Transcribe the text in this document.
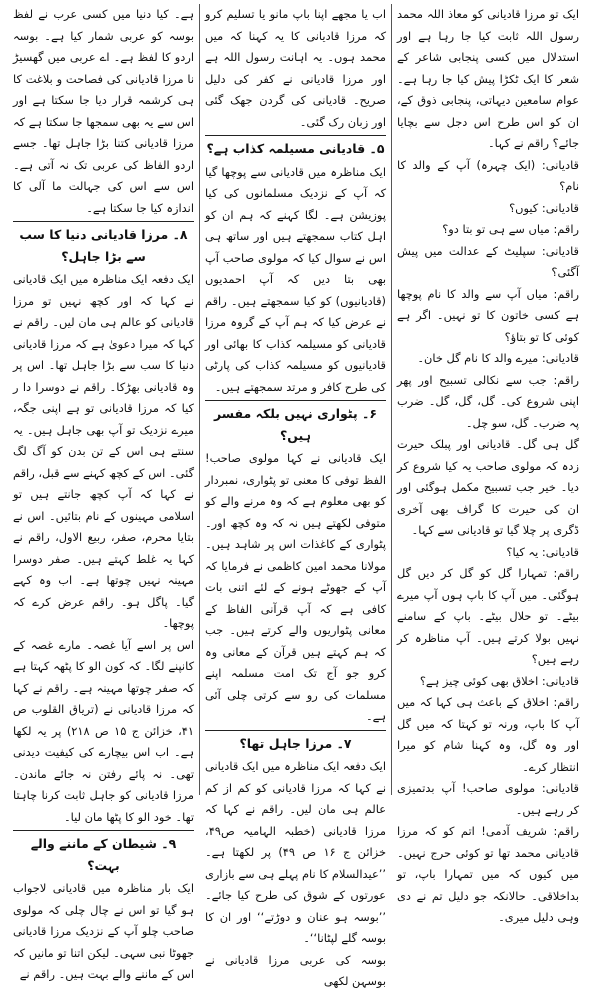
ایک تو مرزا قادیانی کو معاذ اللہ محمد رسول اللہ ثابت کیا جا رہا ہے اور استدلال میں کسی پنجابی شاعر کے شعر کا ایک ٹکڑا پیش کیا جا رہا ہے۔ عوام سامعین دیہاتی، پنجابی ذوق کے، ان کو اس طرح اس دجل سے بچایا جائے؟ راقم نے کہا۔

قادیانی: (ایک چہرہ) آپ کے والد کا نام؟

قادیانی: کیوں؟

راقم: میاں سے ہی تو بتا دو؟

قادیانی: سپلیٹ کے عدالت میں پیش آگئی؟

راقم: میاں آپ سے والد کا نام پوچھا ہے کسی خاتون کا تو نہیں۔ اگر ہے کوئی کا تو بتاؤ؟

قادیانی: میرے والد کا نام گل خان۔

راقم: جب سے نکالی تسبیح اور پھر اپنی شروع کی۔ گل، گل، گل۔ ضرب پہ ضرب۔ گل، سو چل۔

گل ہی گل۔ قادیانی اور پبلک حیرت زدہ کہ مولوی صاحب یہ کیا شروع کر دیا۔ خیر جب تسبیح مکمل ہوگئی اور ان کی حیرت کا گراف بھی آخری ڈگری پر چلا گیا تو قادیانی سے کہا۔

قادیانی: یہ کیا؟

راقم: تمہارا گل کو گل کر دیں گل ہوگئی۔ میں آپ کا باپ ہوں آپ میرے بیٹے۔ تو حلال بیٹے۔ باپ کے سامنے نہیں بولا کرتے ہیں۔ آپ مناظرہ کر رہے ہیں؟

قادیانی: اخلاق بھی کوئی چیز ہے؟

راقم: اخلاق کے باعث ہی کہا کہ میں آپ کا باپ، ورنہ تو کہتا کہ میں گل اور وہ گل، وہ کہنا شام کو میرا انتظار کرے۔

قادیانی: مولوی صاحب! آپ بدتمیزی کر رہے ہیں۔

راقم: شریف آدمی! اتم کو کہ مرزا قادیانی محمد تھا تو کوئی حرج نہیں۔ میں کیوں کہ میں تمہارا باپ، تو بداخلاقی۔ حالانکہ جو دلیل تم نے دی وہی دلیل میری۔

اب یا مجھے اپنا باپ مانو یا تسلیم کرو کہ مرزا قادیانی کا یہ کہنا کہ میں محمد ہوں۔ یہ اہانت رسول اللہ ہے اور مرزا قادیانی نے کفر کی دلیل صریح۔ قادیانی کی گردن جھک گئی اور زبان رک گئی۔

۵۔ قادیانی مسیلمہ کذاب ہے؟

ایک مناظرہ میں قادیانی سے پوچھا گیا کہ آپ کے نزدیک مسلمانوں کی کیا پوزیشن ہے۔ لگا کہنے کہ ہم ان کو اہل کتاب سمجھتے ہیں اور ساتھ ہی اس نے سوال کیا کہ مولوی صاحب آپ بھی بتا دیں کہ آپ احمدیوں (قادیانیوں) کو کیا سمجھتے ہیں۔ راقم نے عرض کیا کہ ہم آپ کے گروہ مرزا قادیانی کو مسیلمہ کذاب کا بھائی اور قادیانیوں کو مسیلمہ کذاب کی پارٹی کی طرح کافر و مرتد سمجھتے ہیں۔

۶۔ پٹواری نہیں بلکہ مفسر ہیں؟

ایک قادیانی نے کہا مولوی صاحب! الفظ توفی کا معنی تو پٹواری، نمبردار کو بھی معلوم ہے کہ وہ مرنے والے کو متوفی لکھتے ہیں نہ کہ وہ کچھ اور۔ پٹواری کے کاغذات اس پر شاہد ہیں۔ مولانا محمد امین کاظمی نے فرمایا کہ آپ کے جھوٹے ہونے کے لئے اتنی بات کافی ہے کہ آپ قرآنی الفاظ کے معانی پٹواریوں والے کرتے ہیں۔ جب کہ ہم کہتے ہیں قرآن کے معانی وہ کرو جو آج تک امت مسلمہ اپنے مسلمات کی رو سے کرتی چلی آئی ہے۔

۷۔ مرزا جاہل تھا؟

ایک دفعہ ایک مناظرہ میں ایک قادیانی نے کہا کہ مرزا قادیانی کو کم از کم عالم ہی مان لیں۔ راقم نے کہا کہ مرزا قادیانی (خطبہ الہامیہ ص۴۹، خزائن ج ۱۶ ص ۴۹) پر لکھتا ہے۔ ’’عیدالسلام کا نام پہلے ہی سے بازاری عورتوں کے شوق کی طرح کیا جائے۔ ’’بوسہ ہو عنان و دوڑتے‘‘ اور ان کا بوسہ گلے لپٹانا‘‘۔

بوسہ کی عربی مرزا قادیانی نے بوسہن لکھی

ہے۔ کیا دنیا میں کسی عرب نے لفظ بوسہ کو عربی شمار کیا ہے۔ بوسہ اردو کا لفظ ہے۔ اے عربی میں گھسیڑ نا مرزا قادیانی کی فصاحت و بلاغت کا ہی کرشمہ قرار دیا جا سکتا ہے اور اس سے یہ بھی سمجھا جا سکتا ہے کہ مرزا قادیانی کتنا بڑا جاہل تھا۔ جسے اردو الفاظ کی عربی تک نہ آتی ہے۔ اس سے اس کی جہالت ما آلی کا اندازہ کیا جا سکتا ہے۔

۸۔ مرزا قادیانی دنیا کا سب سے بڑا جاہل؟

ایک دفعہ ایک مناظرہ میں ایک قادیانی نے کہا کہ اور کچھ نہیں تو مرزا قادیانی کو عالم ہی مان لیں۔ راقم نے کہا کہ میرا دعویٰ ہے کہ مرزا قادیانی دنیا کا سب سے بڑا جاہل تھا۔ اس پر وہ قادیانی بھڑکا۔ راقم نے دوسرا دا ر کیا کہ مرزا قادیانی تو ہے اپنی جگہ، میرے نزدیک تو آپ بھی جاہل ہیں۔ یہ سنتے ہی اس کے تن بدن کو آگ لگ گئی۔ اس کے کچھ کہنے سے قبل، راقم نے کہا کہ آپ کچھ جانتے ہیں تو اسلامی مہینوں کے نام بتائیں۔ اس نے بتایا محرم، صفر، ربیع الاول، راقم نے کہا یہ غلط کہتے ہیں۔ صفر دوسرا مہینہ نہیں چوتھا ہے۔ اب وہ کہے گیا۔ پاگل ہو۔ راقم عرض کرے کہ پوچھا۔

اس پر اسے آیا غصہ۔ مارے غصہ کے کانپنے لگا۔ کہ کون الو کا پٹھہ کہتا ہے کہ صفر چوتھا مہینہ ہے۔ راقم نے کہا کہ مرزا قادیانی نے (تریاق القلوب ص ۴۱، خزائن ج ۱۵ ص ۲۱۸) پر یہ لکھا ہے۔ اب اس بیچارے کی کیفیت دیدنی تھی۔ نہ پائے رفتن نہ جائے ماندن۔ مرزا قادیانی کو جاہل ثابت کرنا چاہتا تھا۔ خود الو کا پٹھا مان لیا۔

۹۔ شیطان کے ماننے والے بہت؟

ایک بار مناظرہ میں قادیانی لاجواب ہو گیا تو اس نے چال چلی کہ مولوی صاحب چلو آپ کے نزدیک مرزا قادیانی جھوٹا نبی سہی۔ لیکن اتنا تو مانیں کہ اس کے ماننے والے بہت ہیں۔ راقم نے
